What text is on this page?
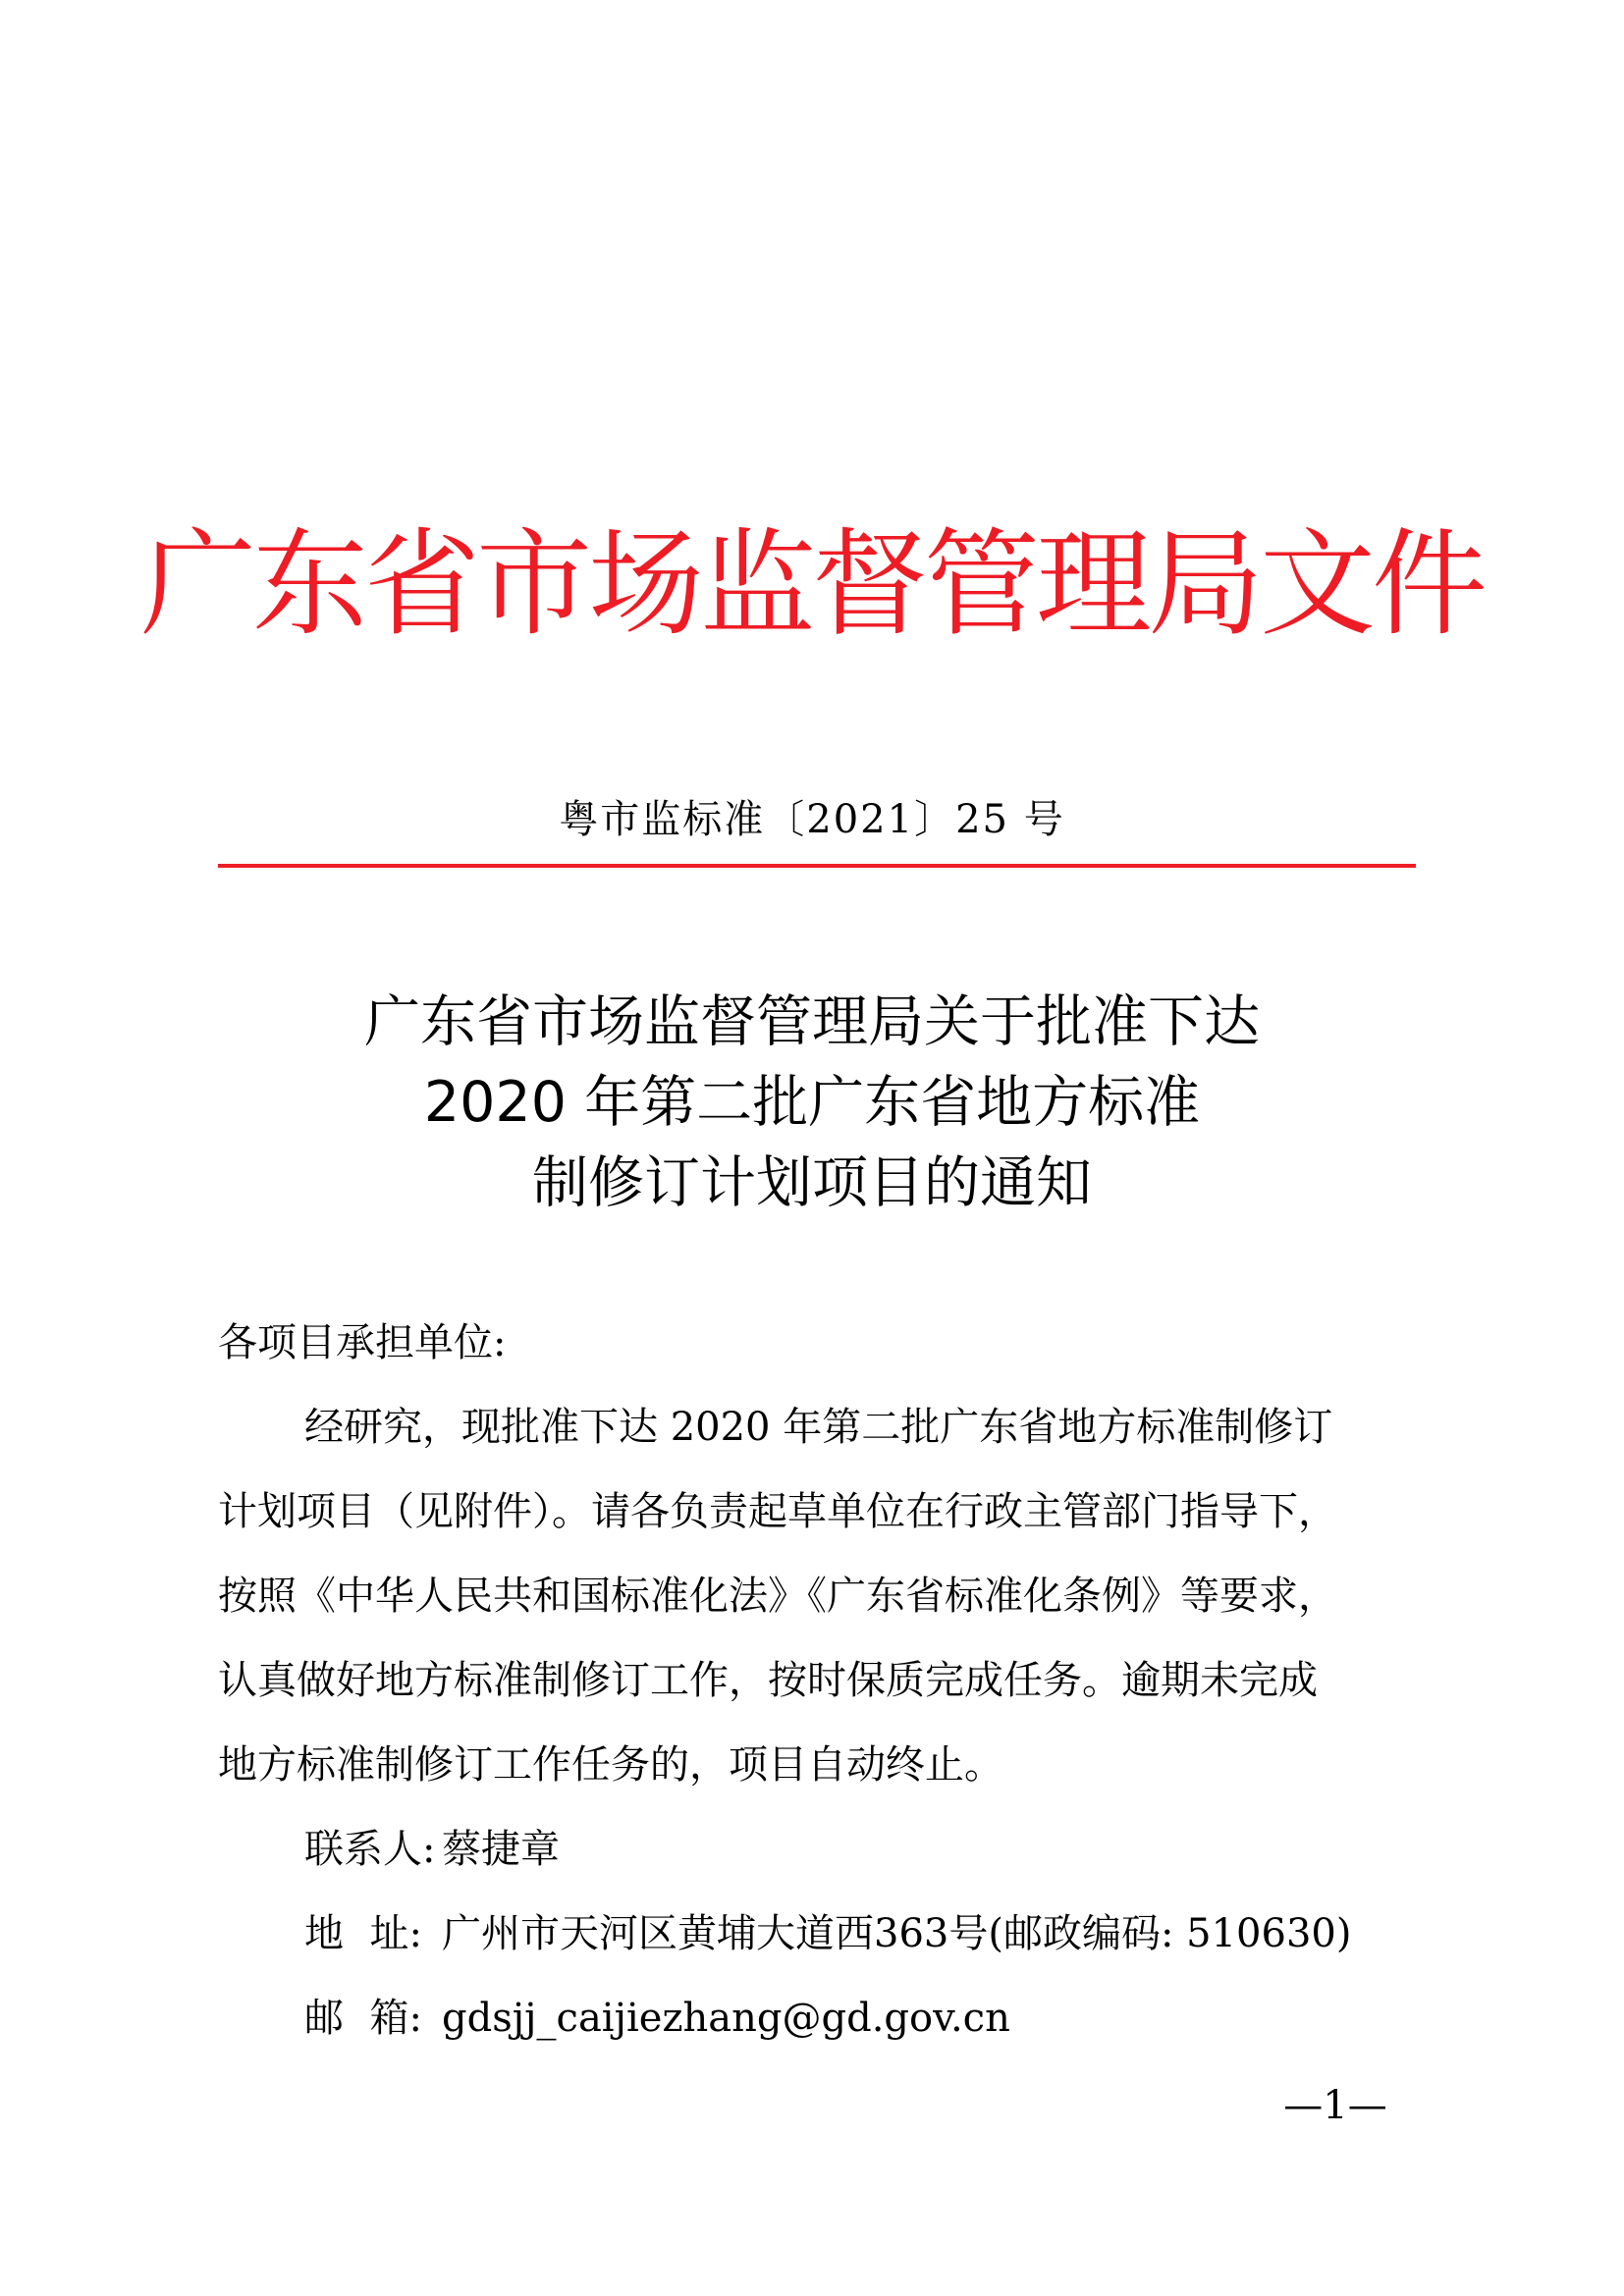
广东省市场监督管理局文件
粤市监标准〔2021〕25 号
广东省市场监督管理局关于批准下达
2020 年第二批广东省地方标准
制修订计划项目的通知
各项目承担单位:
经研究，现批准下达 2020 年第二批广东省地方标准制修订
计划项目（见附件）。请各负责起草单位在行政主管部门指导下，
按照《中华人民共和国标准化法》《广东省标准化条例》等要求，
认真做好地方标准制修订工作，按时保质完成任务。逾期未完成
地方标准制修订工作任务的，项目自动终止。
联系人: 蔡捷章
地 址: 广州市天河区黄埔大道西363号(邮政编码: 510630)
邮 箱: gdsjj_caijiezhang@gd.gov.cn
—1—
